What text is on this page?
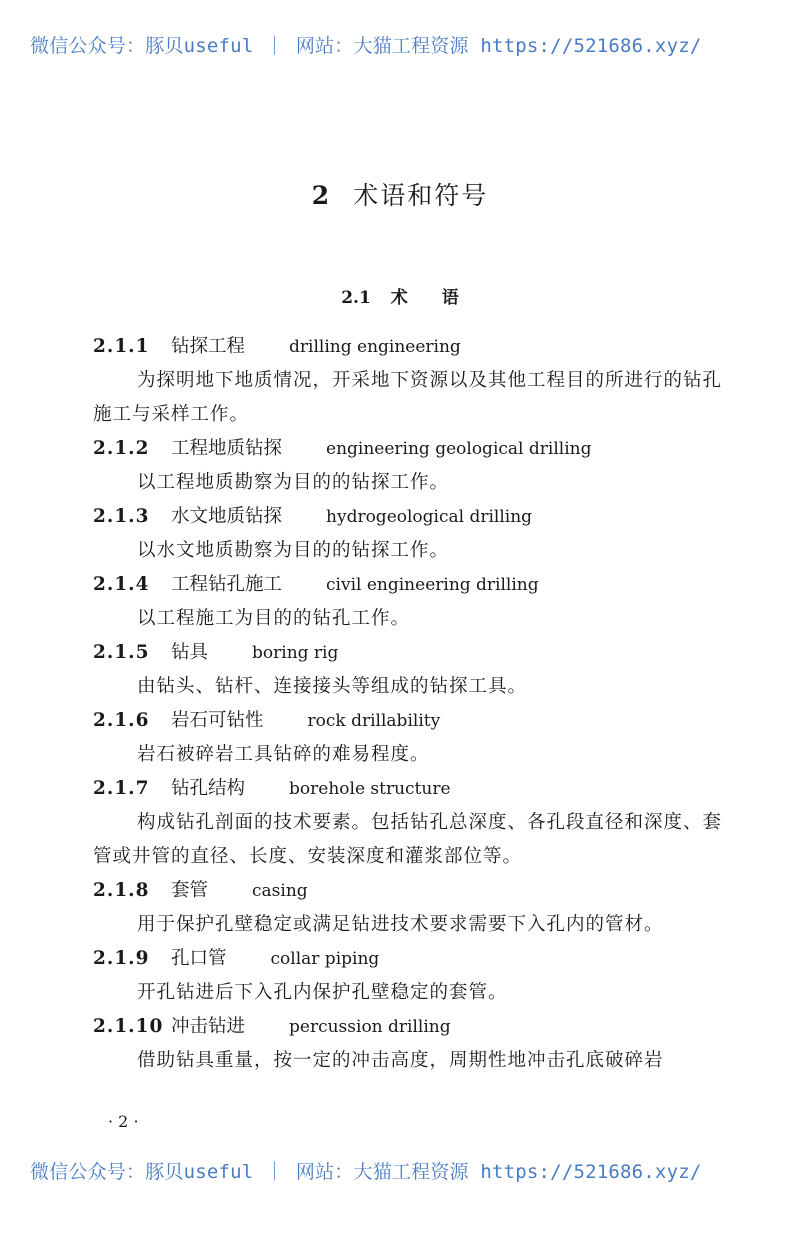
微信公众号：豚贝useful ｜ 网站：大猫工程资源 https://521686.xyz/
2 术语和符号
2.1 术 语
2.1.1 钻探工程	drilling engineering
为探明地下地质情况，开采地下资源以及其他工程目的所进行的钻孔施工与采样工作。
2.1.2 工程地质钻探	engineering geological drilling
以工程地质勘察为目的的钻探工作。
2.1.3 水文地质钻探	hydrogeological drilling
以水文地质勘察为目的的钻探工作。
2.1.4 工程钻孔施工	civil engineering drilling
以工程施工为目的的钻孔工作。
2.1.5 钻具	boring rig
由钻头、钻杆、连接接头等组成的钻探工具。
2.1.6 岩石可钻性	rock drillability
岩石被碎岩工具钻碎的难易程度。
2.1.7 钻孔结构	borehole structure
构成钻孔剖面的技术要素。包括钻孔总深度、各孔段直径和深度、套管或井管的直径、长度、安装深度和灌浆部位等。
2.1.8 套管	casing
用于保护孔壁稳定或满足钻进技术要求需要下入孔内的管材。
2.1.9 孔口管	collar piping
开孔钻进后下入孔内保护孔壁稳定的套管。
2.1.10 冲击钻进	percussion drilling
借助钻具重量，按一定的冲击高度，周期性地冲击孔底破碎岩
· 2 ·
微信公众号：豚贝useful ｜ 网站：大猫工程资源 https://521686.xyz/
